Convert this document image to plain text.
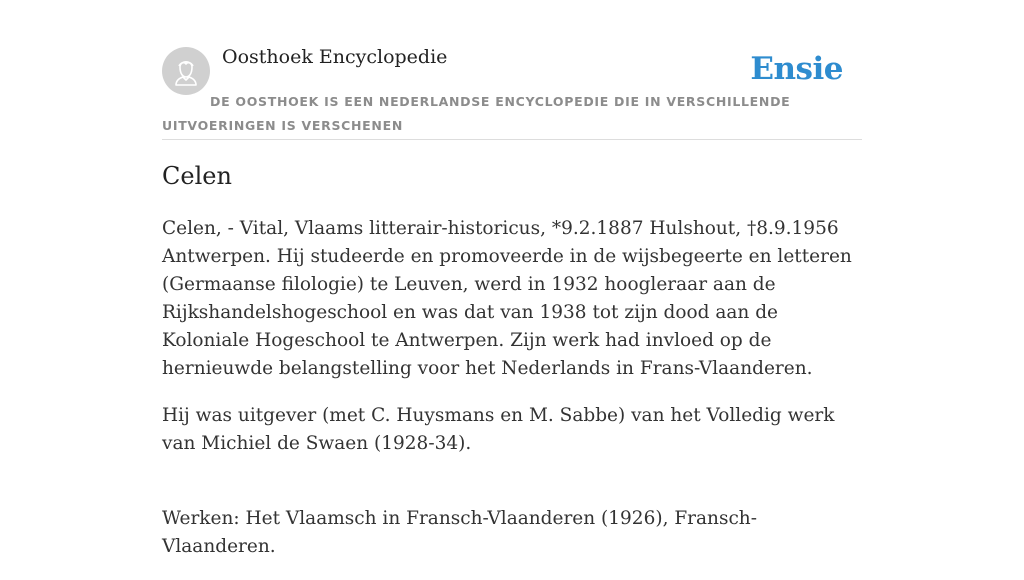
Oosthoek Encyclopedie	Ensie
DE OOSTHOEK IS EEN NEDERLANDSE ENCYCLOPEDIE DIE IN VERSCHILLENDE UITVOERINGEN IS VERSCHENEN
Celen

Celen, - Vital, Vlaams litterair-historicus, *9.2.1887 Hulshout, †8.9.1956 Antwerpen. Hij studeerde en promoveerde in de wijsbegeerte en letteren (Germaanse filologie) te Leuven, werd in 1932 hoogleraar aan de Rijkshandelshogeschool en was dat van 1938 tot zijn dood aan de Koloniale Hogeschool te Antwerpen. Zijn werk had invloed op de hernieuwde belangstelling voor het Nederlands in Frans-Vlaanderen.

Hij was uitgever (met C. Huysmans en M. Sabbe) van het Volledig werk van Michiel de Swaen (1928-34).

Werken: Het Vlaamsch in Fransch-Vlaanderen (1926), Fransch-Vlaanderen.
